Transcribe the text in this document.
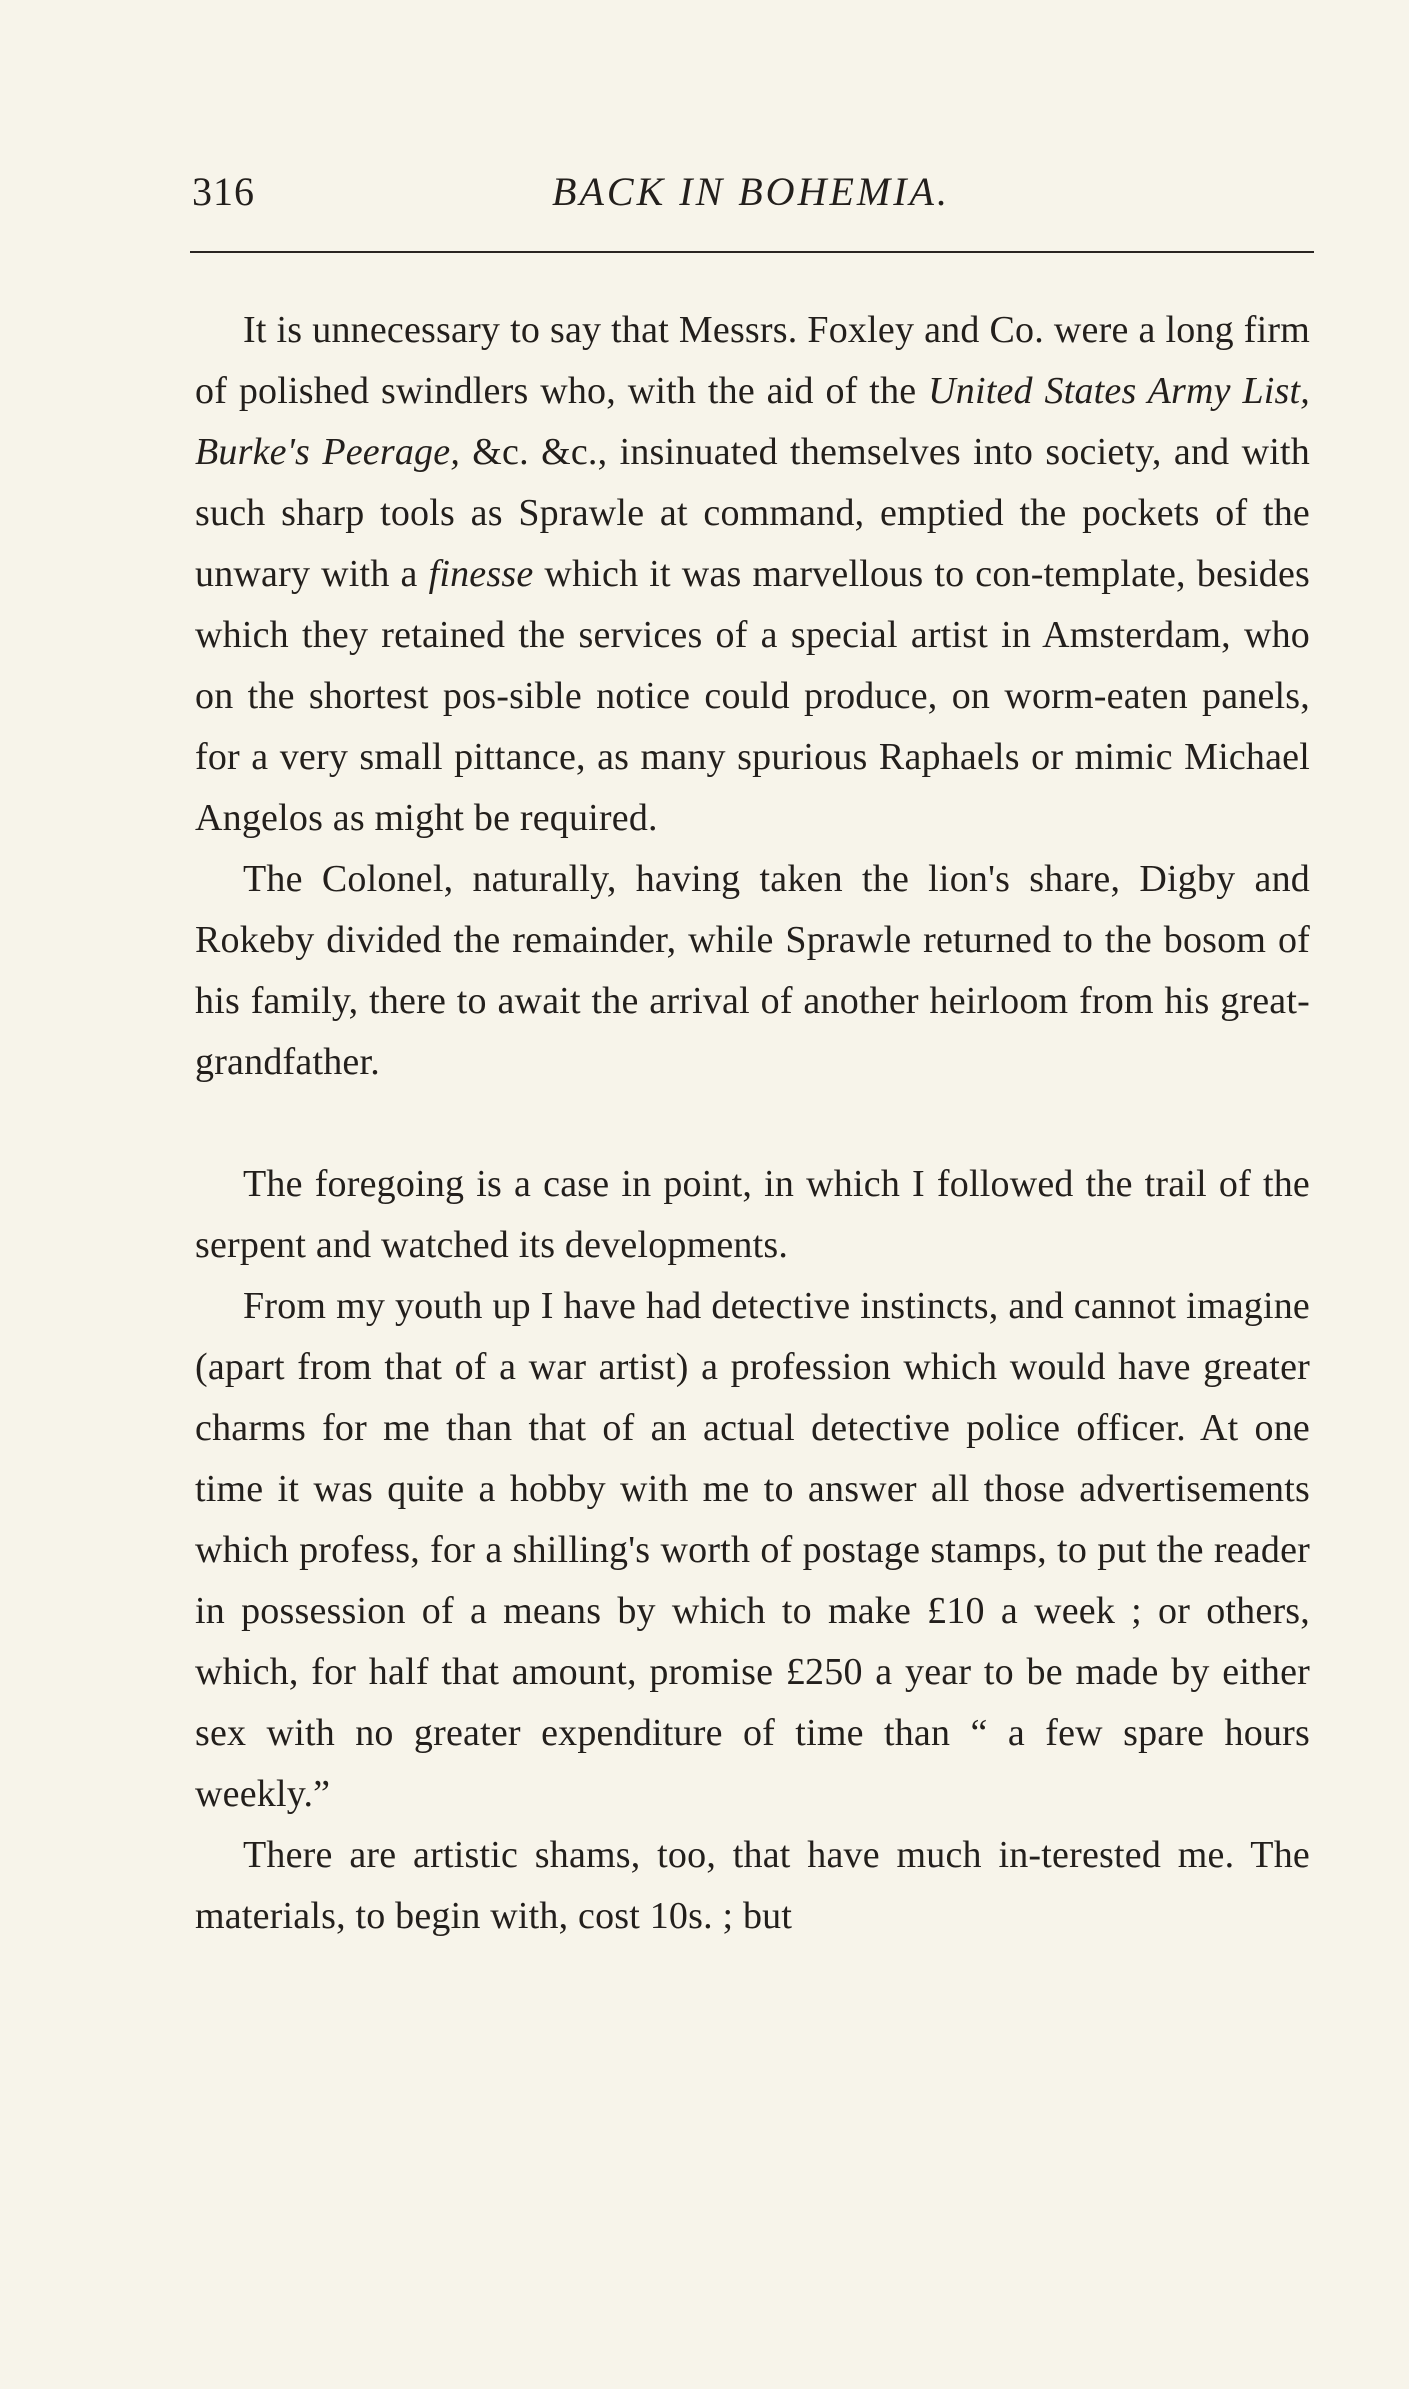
316	BACK IN BOHEMIA.

It is unnecessary to say that Messrs. Foxley and Co. were a long firm of polished swindlers who, with the aid of the United States Army List, Burke's Peerage, &c. &c., insinuated themselves into society, and with such sharp tools as Sprawle at command, emptied the pockets of the unwary with a finesse which it was marvellous to con-template, besides which they retained the services of a special artist in Amsterdam, who on the shortest pos-sible notice could produce, on worm-eaten panels, for a very small pittance, as many spurious Raphaels or mimic Michael Angelos as might be required.

The Colonel, naturally, having taken the lion's share, Digby and Rokeby divided the remainder, while Sprawle returned to the bosom of his family, there to await the arrival of another heirloom from his great-grandfather.

The foregoing is a case in point, in which I followed the trail of the serpent and watched its developments.

From my youth up I have had detective instincts, and cannot imagine (apart from that of a war artist) a profession which would have greater charms for me than that of an actual detective police officer. At one time it was quite a hobby with me to answer all those advertisements which profess, for a shilling's worth of postage stamps, to put the reader in possession of a means by which to make £10 a week ; or others, which, for half that amount, promise £250 a year to be made by either sex with no greater expenditure of time than “ a few spare hours weekly.”

There are artistic shams, too, that have much in-terested me. The materials, to begin with, cost 10s. ; but
